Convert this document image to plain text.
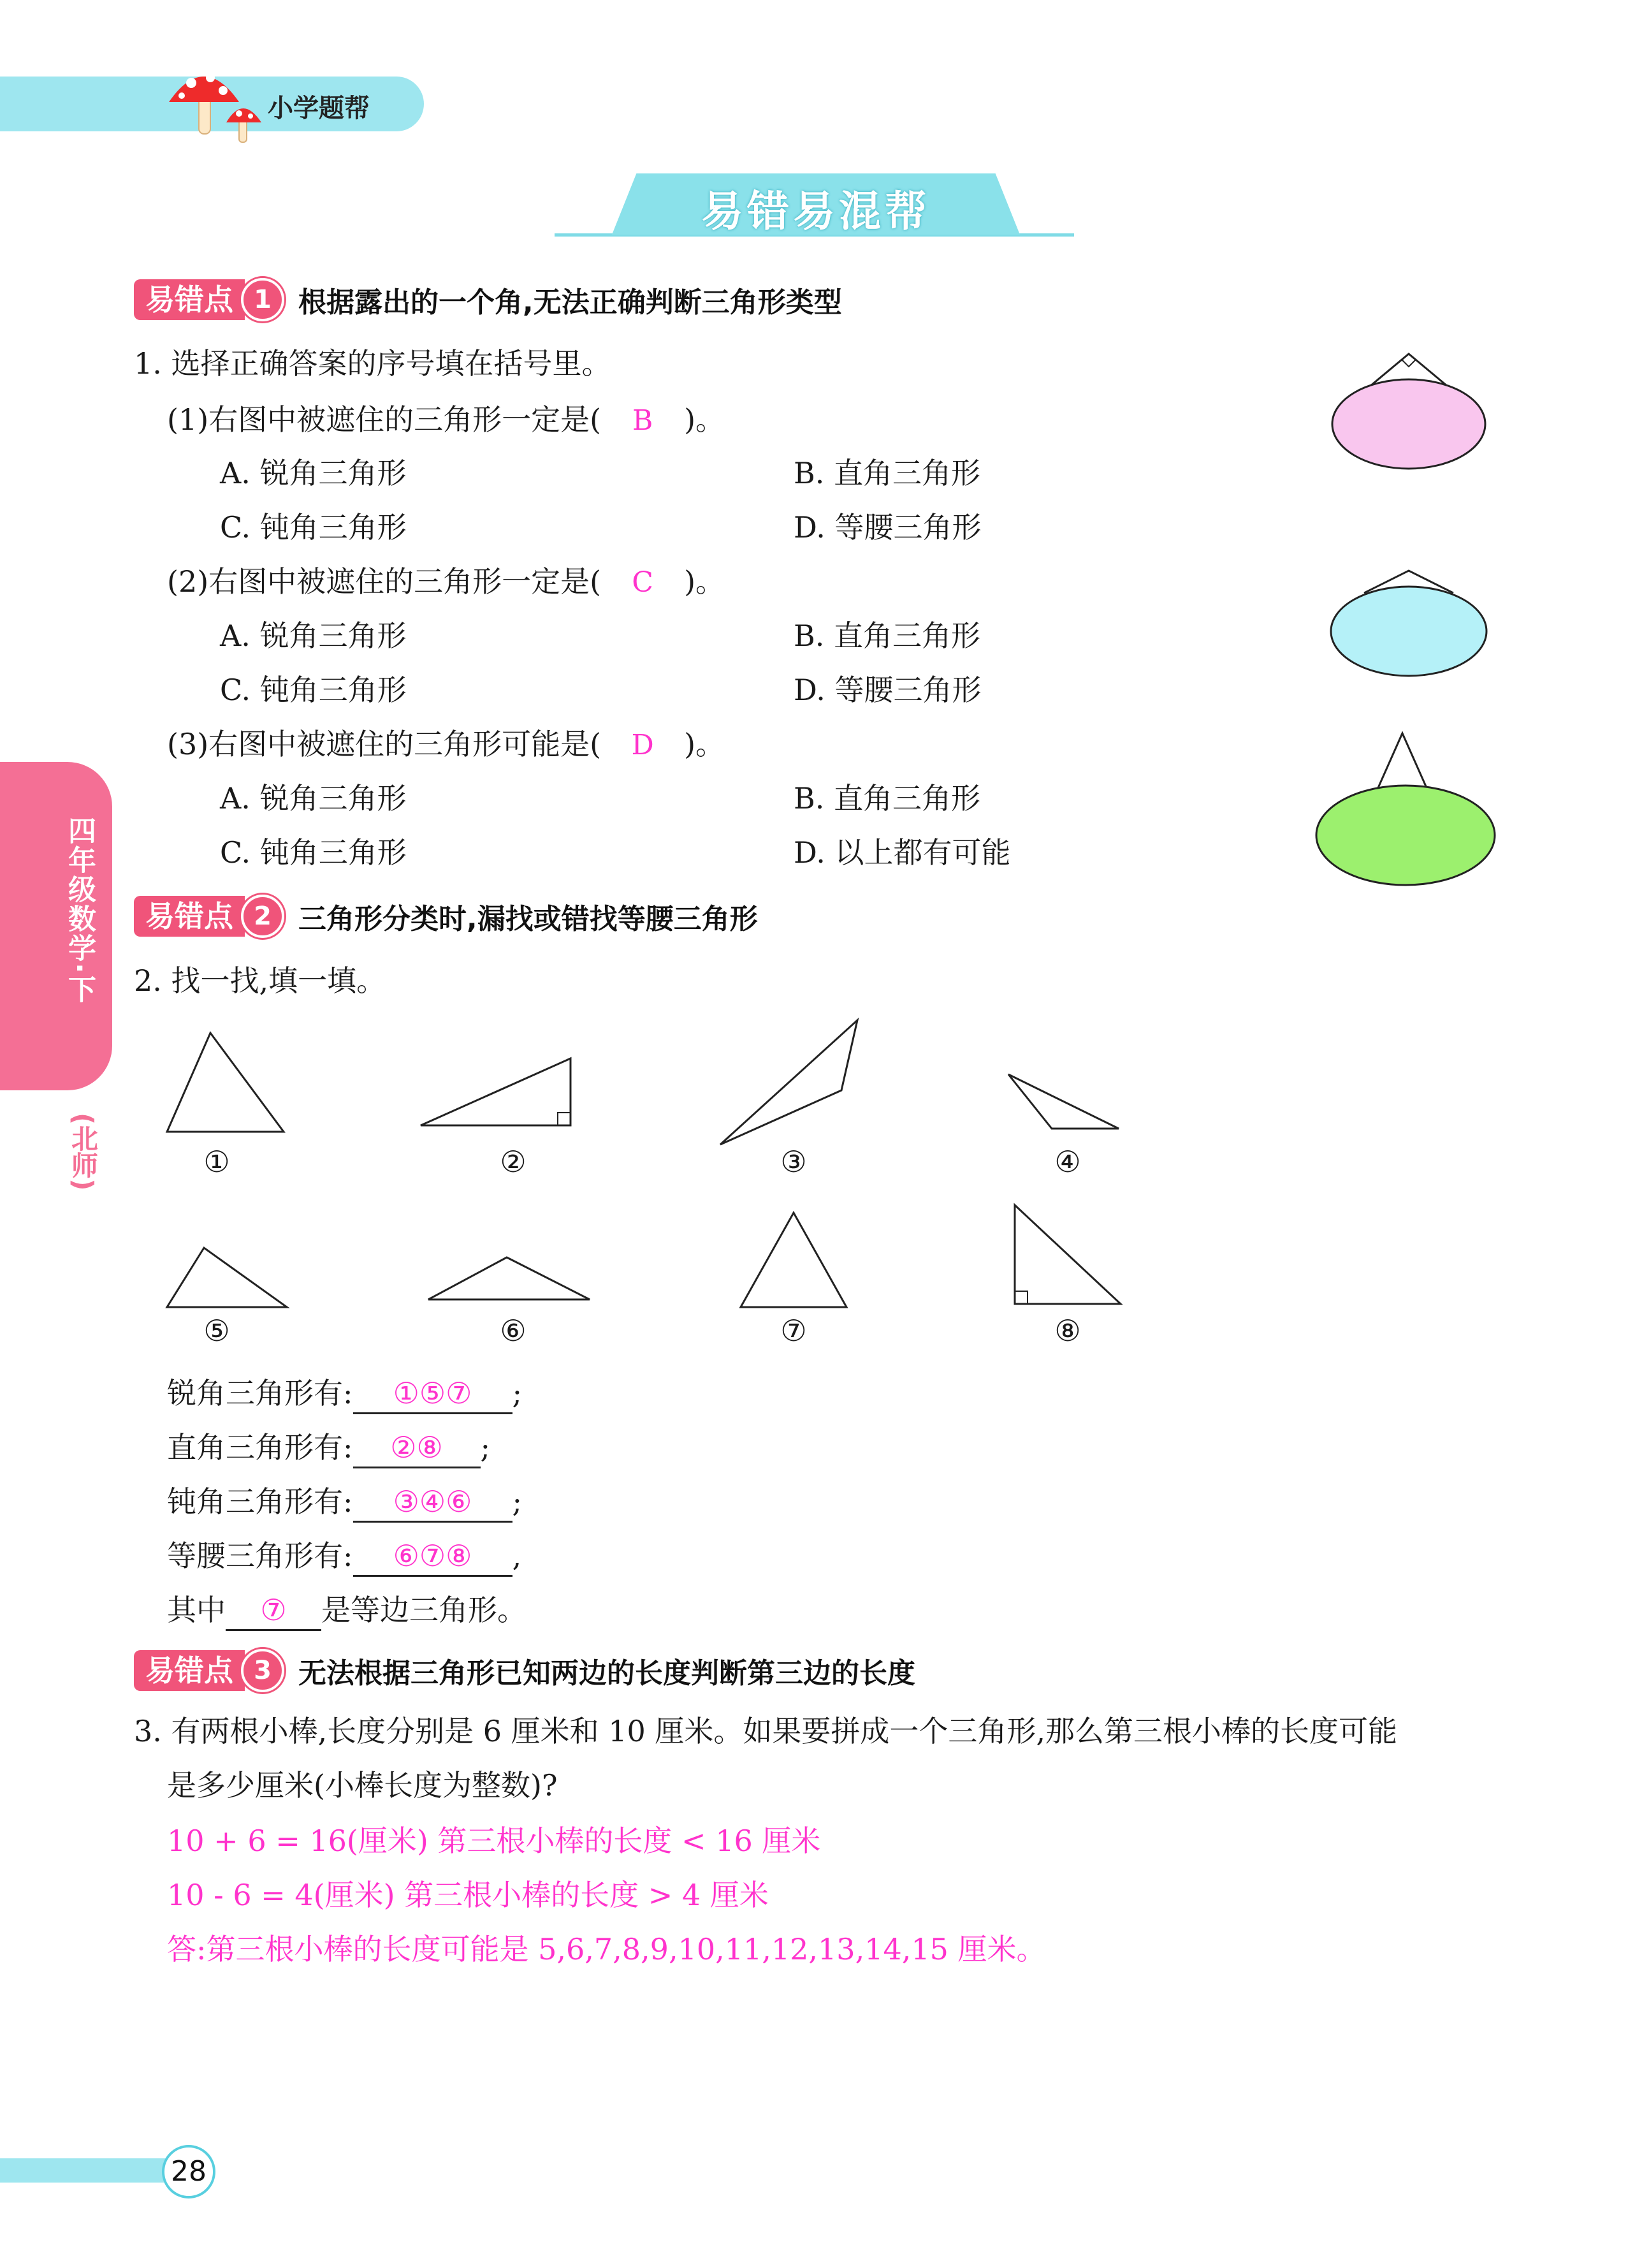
小学题帮
易错易混帮
四年级数学·下
(北师)
易错点 1 根据露出的一个角,无法正确判断三角形类型
1. 选择正确答案的序号填在括号里。
(1)右图中被遮住的三角形一定是( B )。
A. 锐角三角形	B. 直角三角形
C. 钝角三角形	D. 等腰三角形
(2)右图中被遮住的三角形一定是( C )。
A. 锐角三角形	B. 直角三角形
C. 钝角三角形	D. 等腰三角形
(3)右图中被遮住的三角形可能是( D )。
A. 锐角三角形	B. 直角三角形
C. 钝角三角形	D. 以上都有可能
易错点 2 三角形分类时,漏找或错找等腰三角形
2. 找一找,填一填。
①	②	③	④
⑤	⑥	⑦	⑧
锐角三角形有: ①⑤⑦ ;
直角三角形有: ②⑧ ;
钝角三角形有: ③④⑥ ;
等腰三角形有: ⑥⑦⑧ ,
其中 ⑦ 是等边三角形。
易错点 3 无法根据三角形已知两边的长度判断第三边的长度
3. 有两根小棒,长度分别是 6 厘米和 10 厘米。如果要拼成一个三角形,那么第三根小棒的长度可能
是多少厘米(小棒长度为整数)?
10 + 6 = 16(厘米) 第三根小棒的长度 < 16 厘米
10 - 6 = 4(厘米) 第三根小棒的长度 > 4 厘米
答:第三根小棒的长度可能是 5,6,7,8,9,10,11,12,13,14,15 厘米。
28
